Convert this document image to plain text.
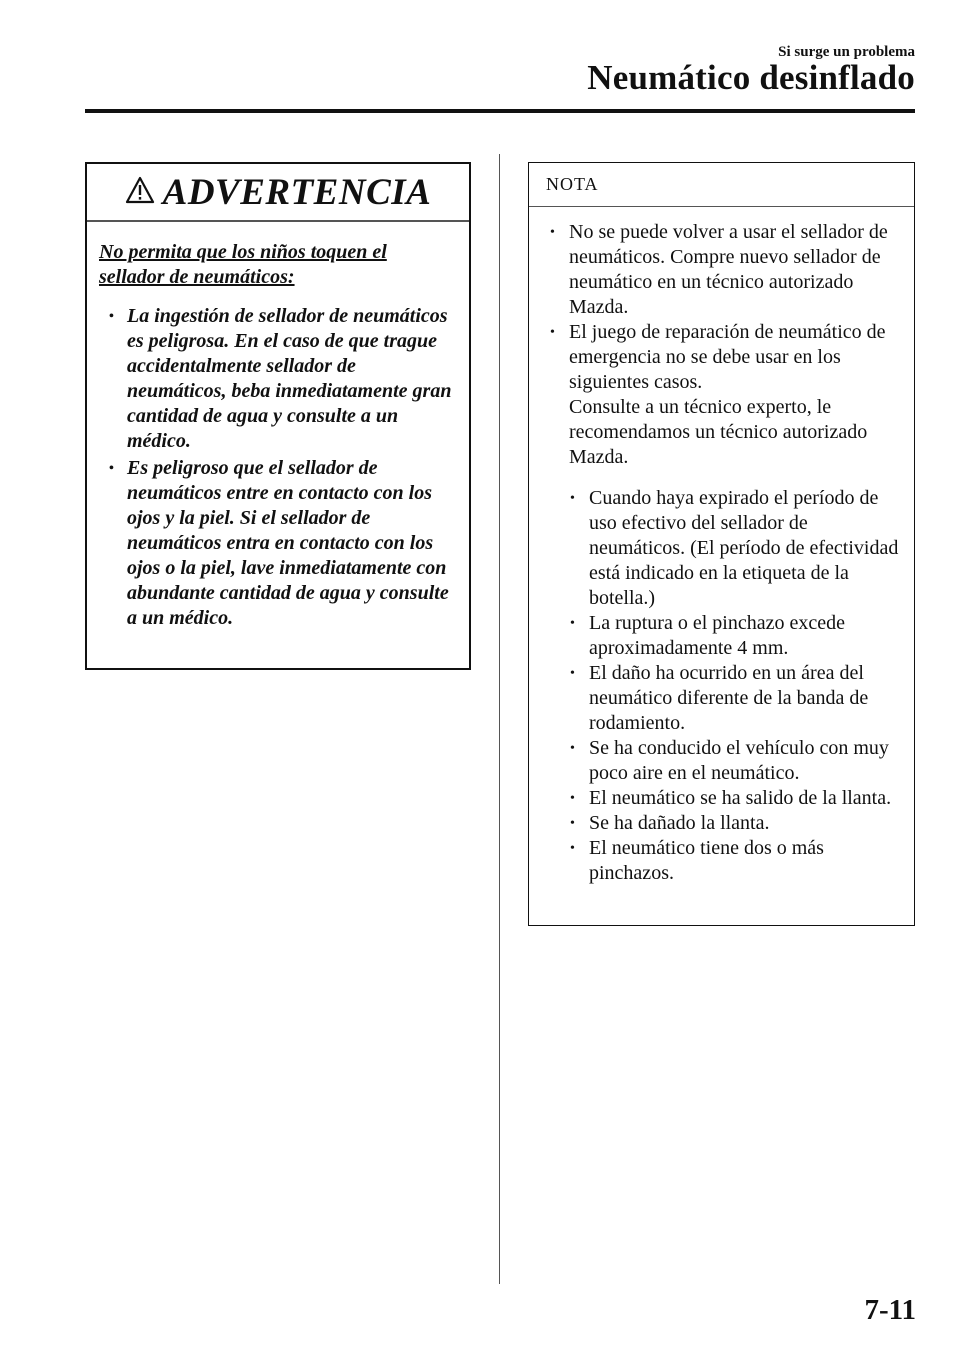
Si surge un problema
Neumático desinflado
ADVERTENCIA

No permita que los niños toquen el sellador de neumáticos:

• La ingestión de sellador de neumáticos es peligrosa. En el caso de que trague accidentalmente sellador de neumáticos, beba inmediatamente gran cantidad de agua y consulte a un médico.
• Es peligroso que el sellador de neumáticos entre en contacto con los ojos y la piel. Si el sellador de neumáticos entra en contacto con los ojos o la piel, lave inmediatamente con abundante cantidad de agua y consulte a un médico.
NOTA
• No se puede volver a usar el sellador de neumáticos. Compre nuevo sellador de neumático en un técnico autorizado Mazda.
• El juego de reparación de neumático de emergencia no se debe usar en los siguientes casos.
Consulte a un técnico experto, le recomendamos un técnico autorizado Mazda.
• Cuando haya expirado el período de uso efectivo del sellador de neumáticos. (El período de efectividad está indicado en la etiqueta de la botella.)
• La ruptura o el pinchazo excede aproximadamente 4 mm.
• El daño ha ocurrido en un área del neumático diferente de la banda de rodamiento.
• Se ha conducido el vehículo con muy poco aire en el neumático.
• El neumático se ha salido de la llanta.
• Se ha dañado la llanta.
• El neumático tiene dos o más pinchazos.
7-11
